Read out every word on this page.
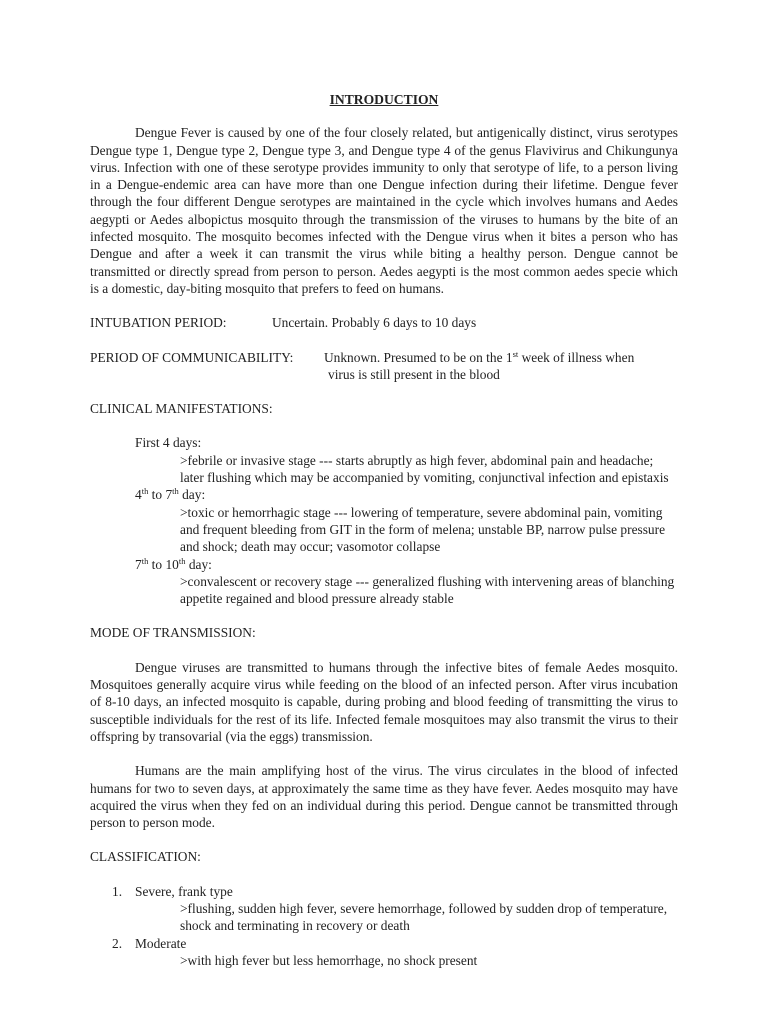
INTRODUCTION

Dengue Fever is caused by one of the four closely related, but antigenically distinct, virus serotypes Dengue type 1, Dengue type 2, Dengue type 3, and Dengue type 4 of the genus Flavivirus and Chikungunya virus. Infection with one of these serotype provides immunity to only that serotype of life, to a person living in a Dengue-endemic area can have more than one Dengue infection during their lifetime. Dengue fever through the four different Dengue serotypes are maintained in the cycle which involves humans and Aedes aegypti or Aedes albopictus mosquito through the transmission of the viruses to humans by the bite of an infected mosquito. The mosquito becomes infected with the Dengue virus when it bites a person who has Dengue and after a week it can transmit the virus while biting a healthy person. Dengue cannot be transmitted or directly spread from person to person. Aedes aegypti is the most common aedes specie which is a domestic, day-biting mosquito that prefers to feed on humans.

INTUBATION PERIOD:	Uncertain. Probably 6 days to 10 days
PERIOD OF COMMUNICABILITY:	Unknown. Presumed to be on the 1st week of illness when
virus is still present in the blood

CLINICAL MANIFESTATIONS:

First 4 days:

>febrile or invasive stage --- starts abruptly as high fever, abdominal pain and headache; later flushing which may be accompanied by vomiting, conjunctival infection and epistaxis

4th to 7th day:

>toxic or hemorrhagic stage --- lowering of temperature, severe abdominal pain, vomiting and frequent bleeding from GIT in the form of melena; unstable BP, narrow pulse pressure and shock; death may occur; vasomotor collapse

7th to 10th day:

>convalescent or recovery stage --- generalized flushing with intervening areas of blanching appetite regained and blood pressure already stable

MODE OF TRANSMISSION:

Dengue viruses are transmitted to humans through the infective bites of female Aedes mosquito. Mosquitoes generally acquire virus while feeding on the blood of an infected person. After virus incubation of 8-10 days, an infected mosquito is capable, during probing and blood feeding of transmitting the virus to susceptible individuals for the rest of its life. Infected female mosquitoes may also transmit the virus to their offspring by transovarial (via the eggs) transmission.

Humans are the main amplifying host of the virus. The virus circulates in the blood of infected humans for two to seven days, at approximately the same time as they have fever. Aedes mosquito may have acquired the virus when they fed on an individual during this period. Dengue cannot be transmitted through person to person mode.

CLASSIFICATION:

1. Severe, frank type
>flushing, sudden high fever, severe hemorrhage, followed by sudden drop of temperature, shock and terminating in recovery or death
2. Moderate
>with high fever but less hemorrhage, no shock present
